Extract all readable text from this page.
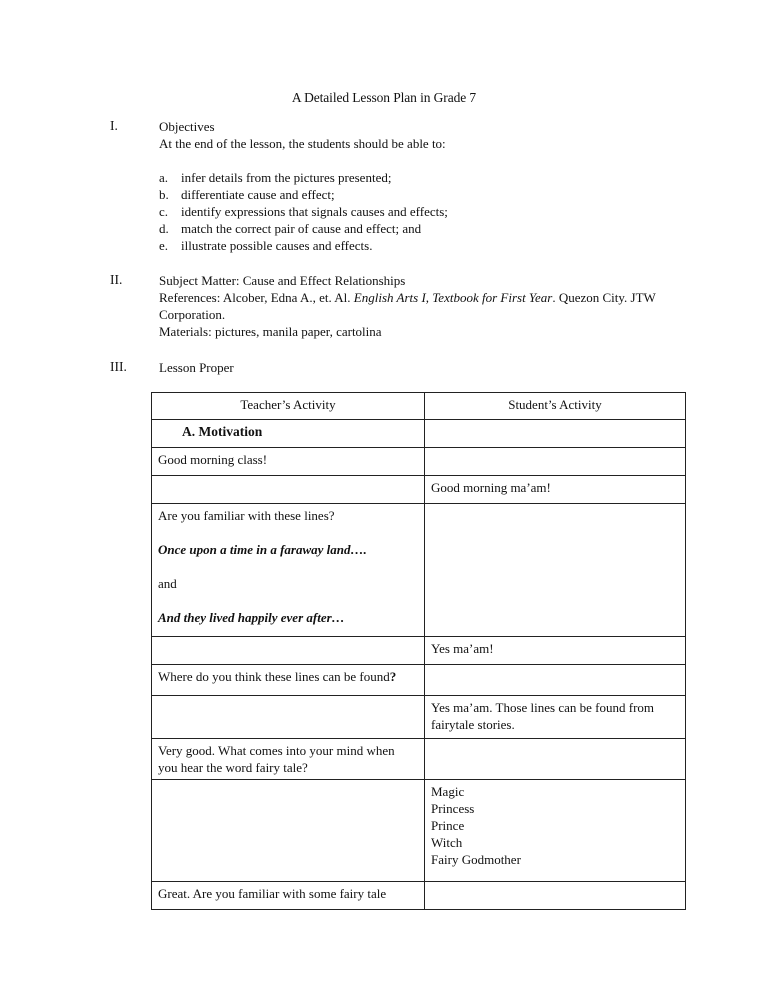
A Detailed Lesson Plan in Grade 7
I.	Objectives
At the end of the lesson, the students should be able to:
a. infer details from the pictures presented;
b. differentiate cause and effect;
c. identify expressions that signals causes and effects;
d. match the correct pair of cause and effect; and
e. illustrate possible causes and effects.
II.	Subject Matter: Cause and Effect Relationships
References: Alcober, Edna A., et. Al. English Arts I, Textbook for First Year. Quezon City. JTW
Corporation.
Materials: pictures, manila paper, cartolina
III. Lesson Proper
Teacher’s Activity	Student’s Activity
A. Motivation	
Good morning class!	
	Good morning ma’am!

Are you familiar with these lines?

Once upon a time in a faraway land….

and

And they lived happily ever after…	

	Yes ma’am!
Where do you think these lines can be found?	

	Yes ma’am. Those lines can be found from
fairytale stories.

Very good. What comes into your mind when
you hear the word fairy tale?	

	Magic
Princess
Prince
Witch
Fairy Godmother

Great. Are you familiar with some fairy tale	
